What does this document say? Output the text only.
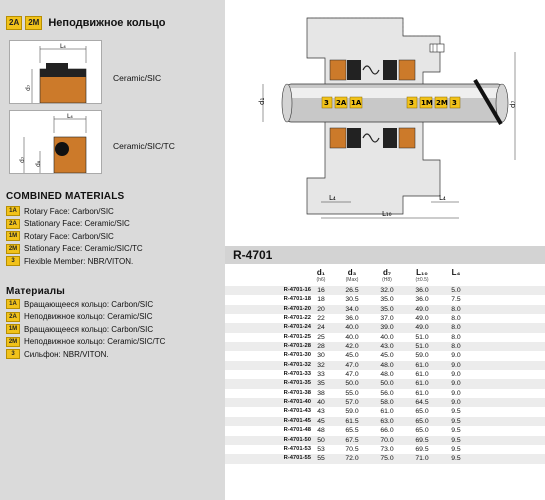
2A	2M Неподвижное кольцо
L₄
d₇
Ceramic/SIC
L₄
d₇
d₈
Ceramic/SIC/TC
COMBINED MATERIALS
1A Rotary Face: Carbon/SIC
2A Stationary Face: Ceramic/SIC
1M Rotary Face: Carbon/SIC
2M Stationary Face: Ceramic/SIC/TC
3	Flexible Member: NBR/VITON.
Материалы
1A Вращающееся кольцо: Carbon/SIC
2A Неподвижное кольцо: Ceramic/SIC
1M Вращающееся кольцо: Carbon/SIC
2M Неподвижное кольцо: Ceramic/SIC/TC
3	Сильфон: NBR/VITON.
3 2A 1A	3 1M 2M 3
d₁	d₇
L₄	L₄
L₁₀
R-4701
d₁
(h6)
d₃
(Max)
d₇
(H8)
L₁₀
(±0.5)
L₄
R-4701-16 16	26.5	32.0	36.0	5.0
R-4701-18 18	30.5	35.0	36.0	7.5
R-4701-20 20	34.0	35.0	49.0	8.0
R-4701-22 22	36.0	37.0	49.0	8.0
R-4701-24 24	40.0	39.0	49.0	8.0
R-4701-25 25	40.0	40.0	51.0	8.0
R-4701-28 28	42.0	43.0	51.0	8.0
R-4701-30 30	45.0	45.0	59.0	9.0
R-4701-32 32	47.0	48.0	61.0	9.0
R-4701-33 33	47.0	48.0	61.0	9.0
R-4701-35 35	50.0	50.0	61.0	9.0
R-4701-38 38	55.0	56.0	61.0	9.0
R-4701-40 40	57.0	58.0	64.5	9.0
R-4701-43 43	59.0	61.0	65.0	9.5
R-4701-45 45	61.5	63.0	65.0	9.5
R-4701-48 48	65.5	66.0	65.0	9.5
R-4701-50 50	67.5	70.0	69.5	9.5
R-4701-53 53	70.5	73.0	69.5	9.5
R-4701-55 55	72.0	75.0	71.0	9.5
